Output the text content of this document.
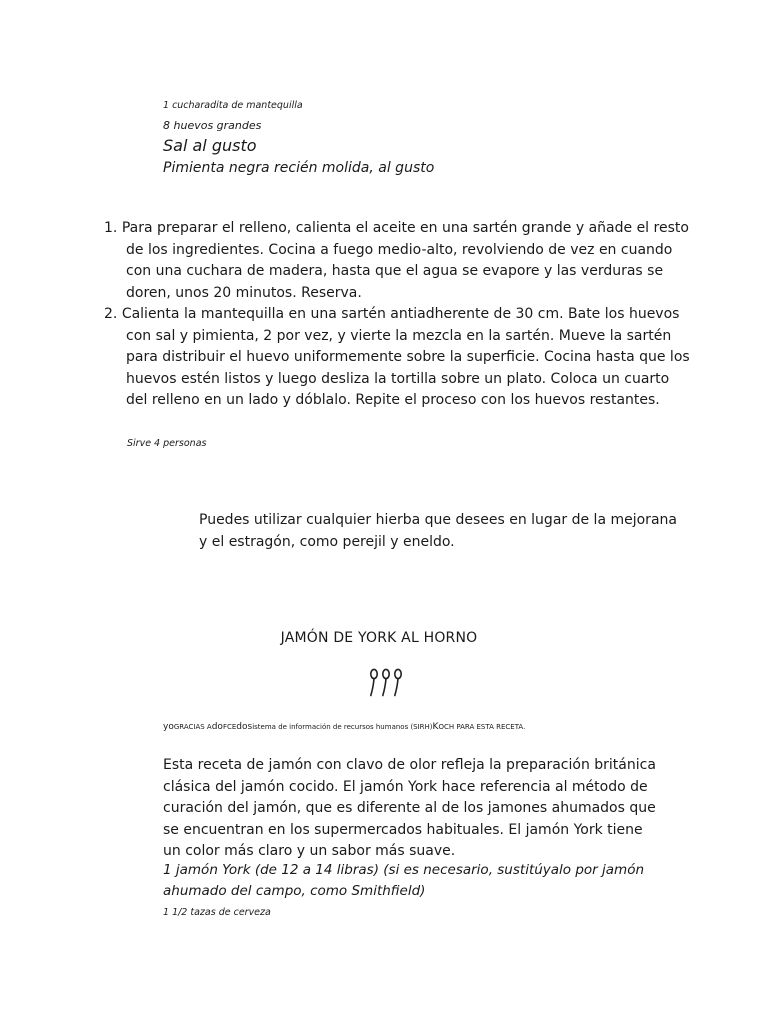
1 cucharadita de mantequilla
8 huevos grandes
Sal al gusto
Pimienta negra recién molida, al gusto
1. Para preparar el relleno, calienta el aceite en una sartén grande y añade el resto de los ingredientes. Cocina a fuego medio-alto, revolviendo de vez en cuando con una cuchara de madera, hasta que el agua se evapore y las verduras se doren, unos 20 minutos. Reserva.
2. Calienta la mantequilla en una sartén antiadherente de 30 cm. Bate los huevos con sal y pimienta, 2 por vez, y vierte la mezcla en la sartén. Mueve la sartén para distribuir el huevo uniformemente sobre la superficie. Cocina hasta que los huevos estén listos y luego desliza la tortilla sobre un plato. Coloca un cuarto del relleno en un lado y dóblalo. Repite el proceso con los huevos restantes.
Sirve 4 personas
Puedes utilizar cualquier hierba que desees en lugar de la mejorana y el estragón, como perejil y eneldo.
JAMÓN DE YORK AL HORNO
yoGRACIAS AdoFCEdosistema de información de recursos humanos (SIRH)KOCH PARA ESTA RECETA.
Esta receta de jamón con clavo de olor refleja la preparación británica clásica del jamón cocido. El jamón York hace referencia al método de curación del jamón, que es diferente al de los jamones ahumados que se encuentran en los supermercados habituales. El jamón York tiene un color más claro y un sabor más suave.
1 jamón York (de 12 a 14 libras) (si es necesario, sustitúyalo por jamón ahumado del campo, como Smithfield)
1 1/2 tazas de cerveza
